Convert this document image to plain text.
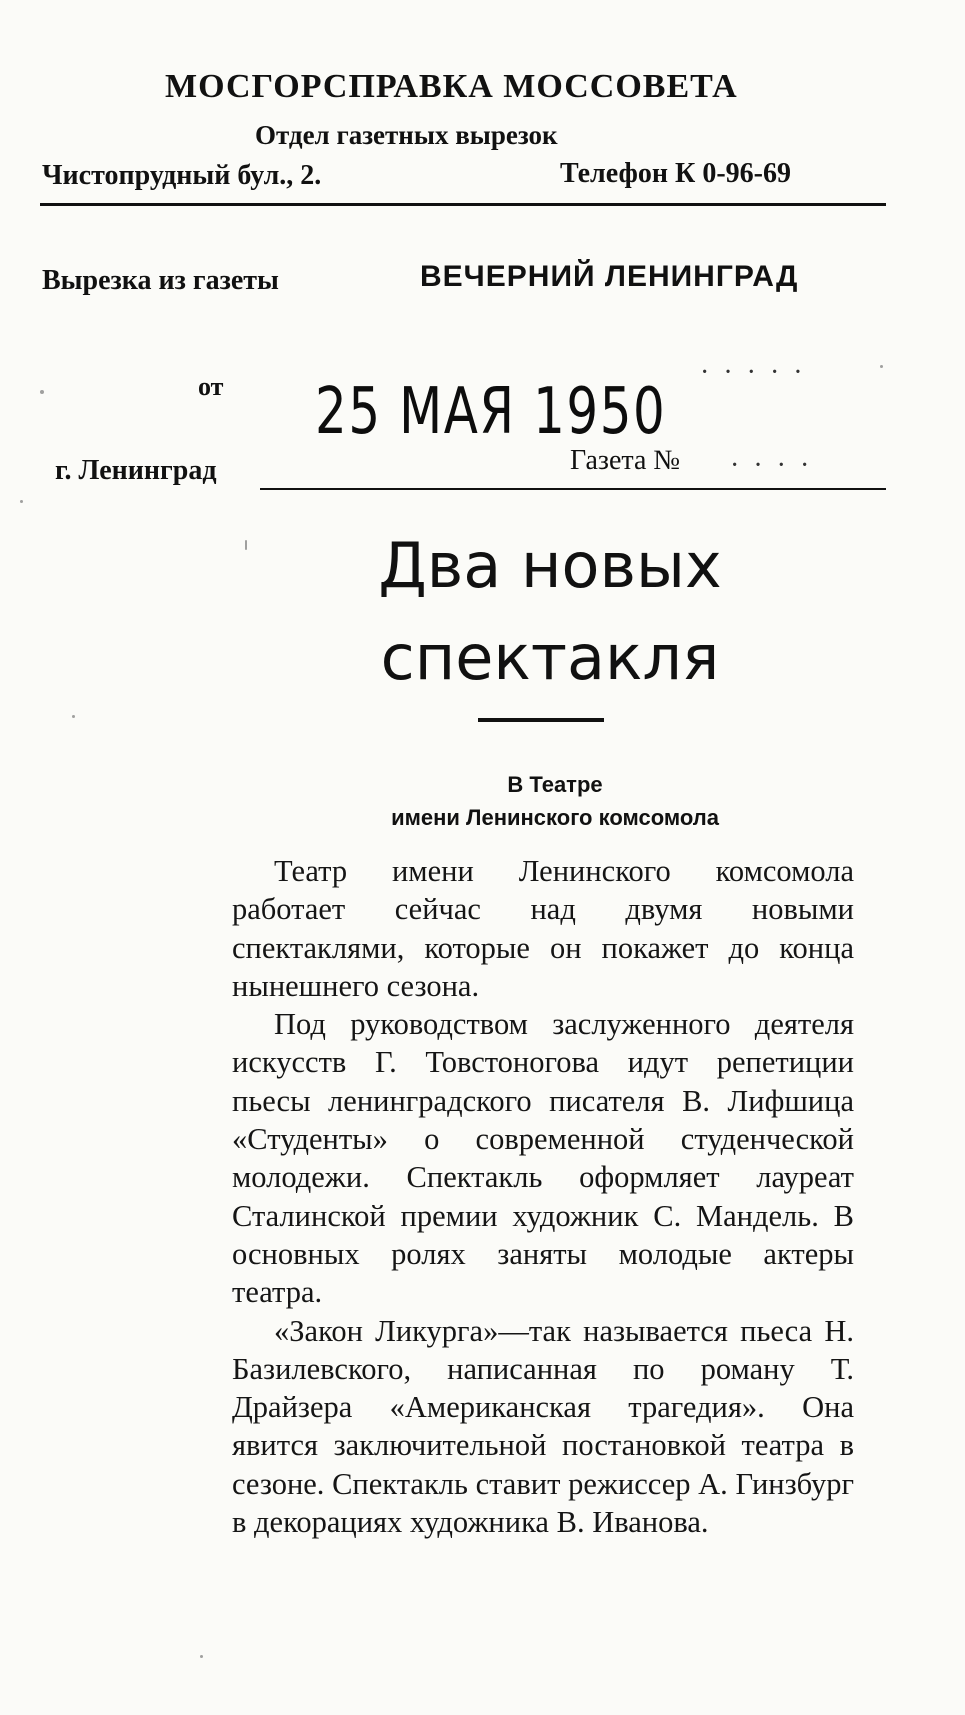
МОСГОРСПРАВКА МОССОВЕТА
Отдел газетных вырезок
Чистопрудный бул., 2.	Телефон К 0-96-69
Вырезка из газеты	ВЕЧЕРНИЙ ЛЕНИНГРАД
от	·····
25 МАЯ 1950
г. Ленинград	Газета № ····
Два новых
спектакля
В Театре
имени Ленинского комсомола

Театр имени Ленинского комсомола работает сейчас над двумя новыми спектаклями, которые он покажет до конца нынешнего сезона.

Под руководством заслуженного деятеля искусств Г. Товстоногова идут репетиции пьесы ленинградского писателя В. Лифшица «Студенты» о современной студенческой молодежи. Спектакль оформляет лауреат Сталинской премии художник С. Мандель. В основных ролях заняты молодые актеры театра.

«Закон Ликурга»—так называется пьеса Н. Базилевского, написанная по роману Т. Драйзера «Американская трагедия». Она явится заключительной постановкой театра в сезоне. Спектакль ставит режиссер А. Гинзбург в декорациях художника В. Иванова.
